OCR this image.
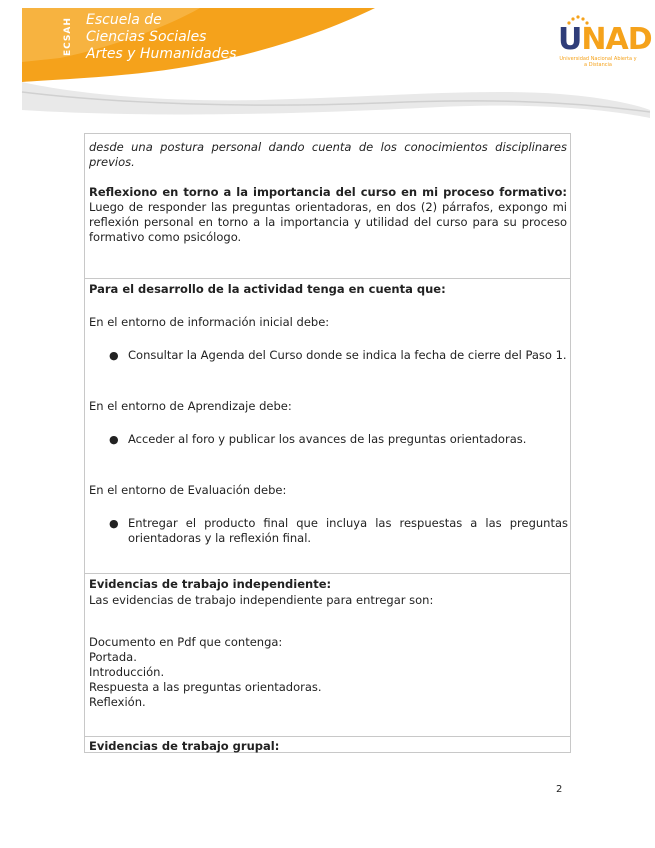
ECSAH Escuela de
Ciencias Sociales
Artes y Humanidades	UNAD
Universidad Nacional Abierta y a Distancia
desde una postura personal dando cuenta de los conocimientos disciplinares previos.
Reflexiono en torno a la importancia del curso en mi proceso formativo: Luego de responder las preguntas orientadoras, en dos (2) párrafos, expongo mi reflexión personal en torno a la importancia y utilidad del curso para su proceso formativo como psicólogo.
Para el desarrollo de la actividad tenga en cuenta que:
En el entorno de información inicial debe:
● Consultar la Agenda del Curso donde se indica la fecha de cierre del Paso 1.
En el entorno de Aprendizaje debe:
● Acceder al foro y publicar los avances de las preguntas orientadoras.
En el entorno de Evaluación debe:
● Entregar el producto final que incluya las respuestas a las preguntas orientadoras y la reflexión final.
Evidencias de trabajo independiente:
Las evidencias de trabajo independiente para entregar son:
Documento en Pdf que contenga:
Portada.
Introducción.
Respuesta a las preguntas orientadoras.
Reflexión.
Evidencias de trabajo grupal:
2
